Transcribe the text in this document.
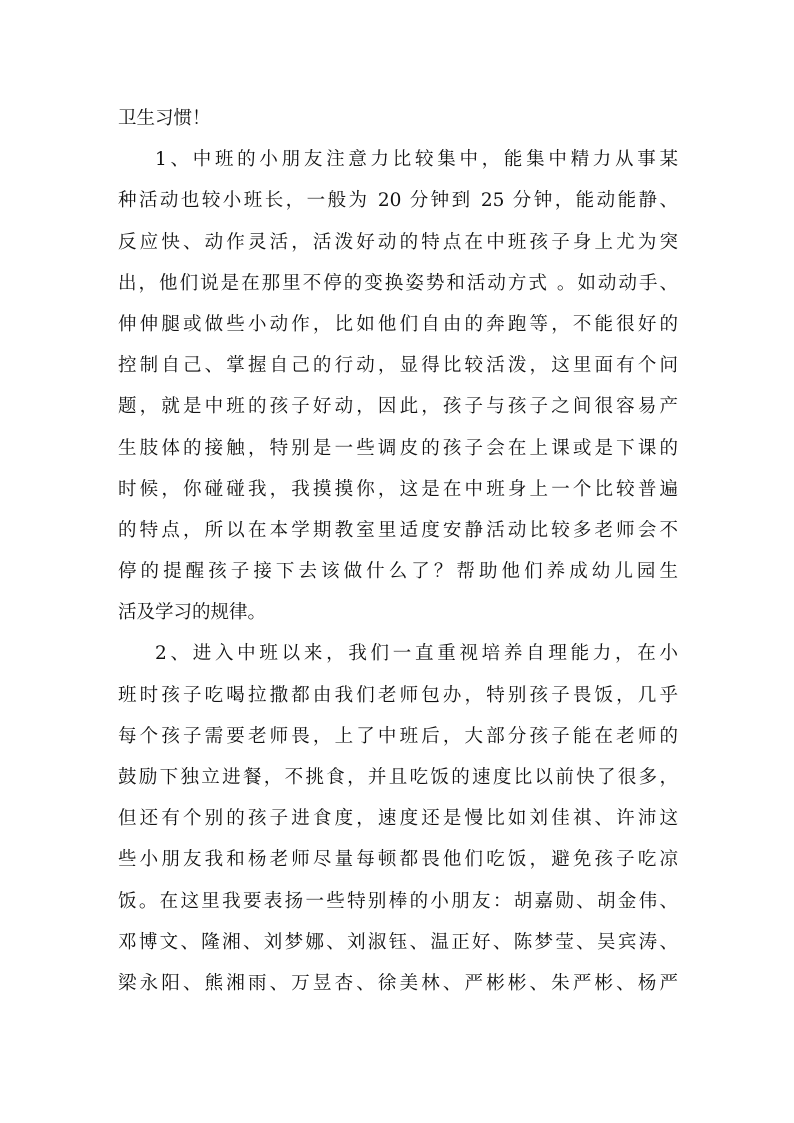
卫生习惯！
1、中班的小朋友注意力比较集中，能集中精力从事某
种活动也较小班长，一般为 20 分钟到 25 分钟，能动能静、
反应快、动作灵活，活泼好动的特点在中班孩子身上尤为突
出，他们说是在那里不停的变换姿势和活动方式 。如动动手、
伸伸腿或做些小动作，比如他们自由的奔跑等，不能很好的
控制自己、掌握自己的行动，显得比较活泼，这里面有个问
题，就是中班的孩子好动，因此，孩子与孩子之间很容易产
生肢体的接触，特别是一些调皮的孩子会在上课或是下课的
时候，你碰碰我，我摸摸你，这是在中班身上一个比较普遍
的特点，所以在本学期教室里适度安静活动比较多老师会不
停的提醒孩子接下去该做什么了？帮助他们养成幼儿园生
活及学习的规律。
2、进入中班以来，我们一直重视培养自理能力，在小
班时孩子吃喝拉撒都由我们老师包办，特别孩子畏饭，几乎
每个孩子需要老师畏，上了中班后，大部分孩子能在老师的
鼓励下独立进餐，不挑食，并且吃饭的速度比以前快了很多，
但还有个别的孩子进食度，速度还是慢比如刘佳祺、许沛这
些小朋友我和杨老师尽量每顿都畏他们吃饭，避免孩子吃凉
饭。在这里我要表扬一些特别棒的小朋友：胡嘉勋、胡金伟、
邓博文、隆湘、刘梦娜、刘淑钰、温正好、陈梦莹、吴宾涛、
梁永阳、熊湘雨、万昱杏、徐美林、严彬彬、朱严彬、杨严
